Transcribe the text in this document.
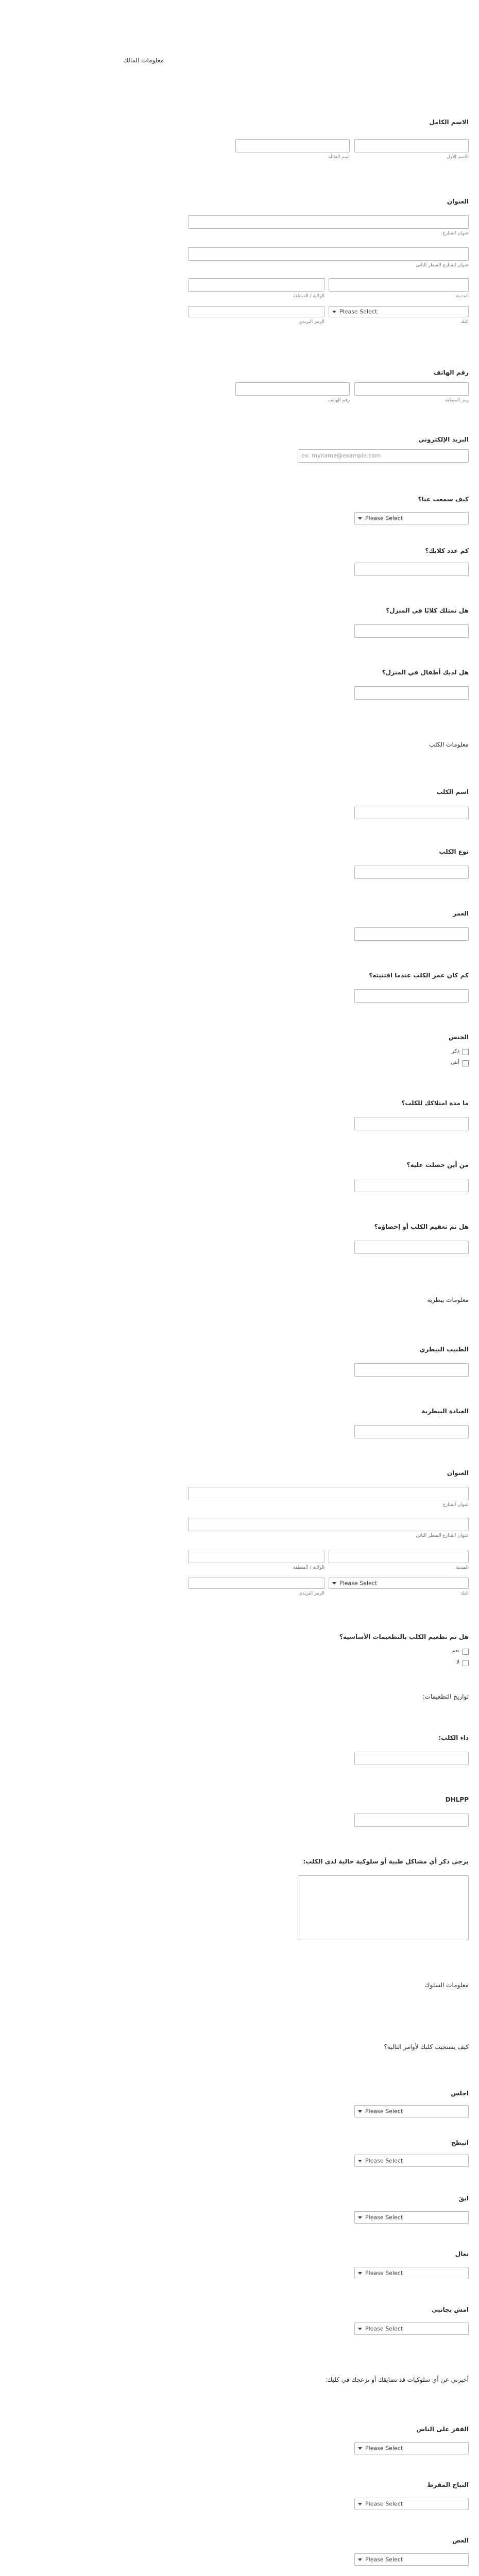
معلومات المالك
الاسم الكامل
الاسم الأول
اسم العائلة
العنوان
عنوان الشارع
عنوان الشارع السطر الثاني
المدينة
الولاية / المنطقة
Please Select
البلد
الرمز البريدي
رقم الهاتف
رمز المنطقة
رقم الهاتف
البريد الإلكتروني
ex: myname@example.com
كيف سمعت عنا؟
Please Select
كم عدد كلابك؟
هل تمتلك كلابًا في المنزل؟
هل لديك أطفال في المنزل؟
معلومات الكلب
اسم الكلب
نوع الكلب
العمر
كم كان عمر الكلب عندما اقتنيته؟
الجنس
ذكر
أنثى
ما مدة امتلاكك للكلب؟
من أين حصلت عليه؟
هل تم تعقيم الكلب أو إخصاؤه؟
معلومات بيطرية
الطبيب البيطري
العيادة البيطرية
العنوان
عنوان الشارع
عنوان الشارع السطر الثاني
المدينة
الولاية / المنطقة
Please Select
البلد
الرمز البريدي
هل تم تطعيم الكلب بالتطعيمات الأساسية؟
نعم
لا
تواريخ التطعيمات:
داء الكلب:
DHLPP
يرجى ذكر أي مشاكل طبية أو سلوكية حالية لدى الكلب:
معلومات السلوك
كيف يستجيب كلبك لأوامر التالية؟
اجلس
Please Select
انبطح
Please Select
ابقَ
Please Select
تعال
Please Select
امشِ بجانبي
Please Select
أخبرني عن أي سلوكيات قد تضايقك أو تزعجك في كلبك:
القفز على الناس
Please Select
النباح المفرط
Please Select
العض
Please Select
